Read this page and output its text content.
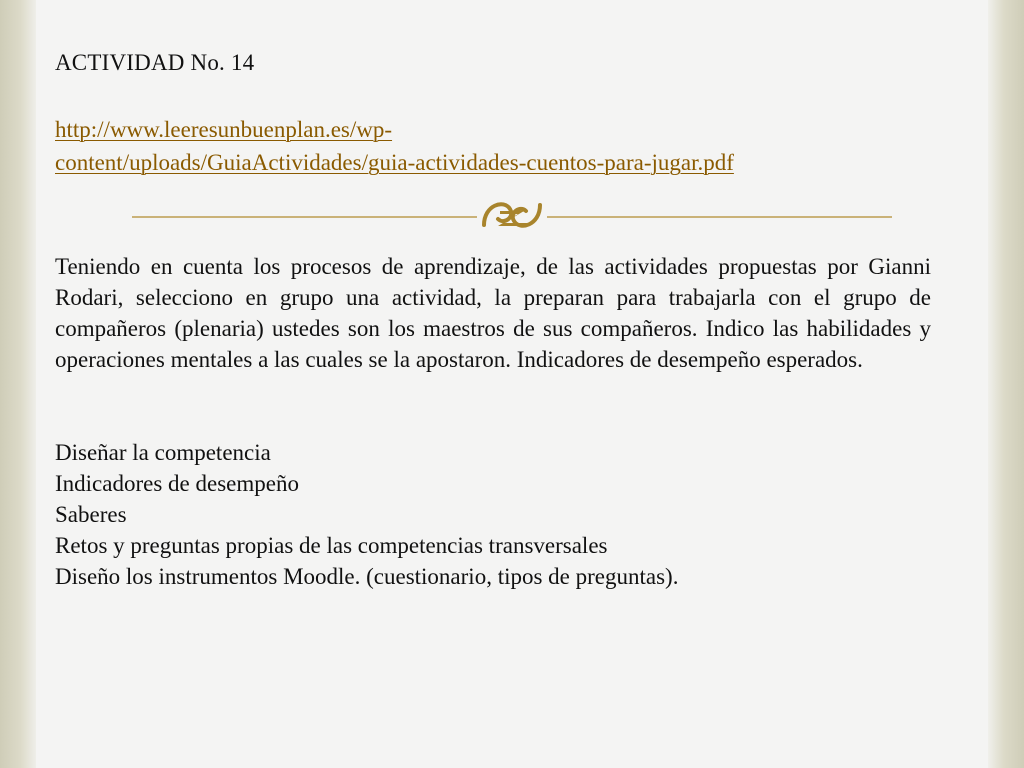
ACTIVIDAD No. 14
http://www.leeresunbuenplan.es/wp-
content/uploads/GuiaActividades/guia-actividades-cuentos-para-jugar.pdf

Teniendo en cuenta los procesos de aprendizaje, de las actividades propuestas por Gianni Rodari, selecciono en grupo una actividad, la preparan para trabajarla con el grupo de compañeros (plenaria) ustedes son los maestros de sus compañeros. Indico las habilidades y operaciones mentales a las cuales se la apostaron. Indicadores de desempeño esperados.

Diseñar la competencia
Indicadores de desempeño
Saberes
Retos y preguntas propias de las competencias transversales
Diseño los instrumentos Moodle. (cuestionario, tipos de preguntas).
